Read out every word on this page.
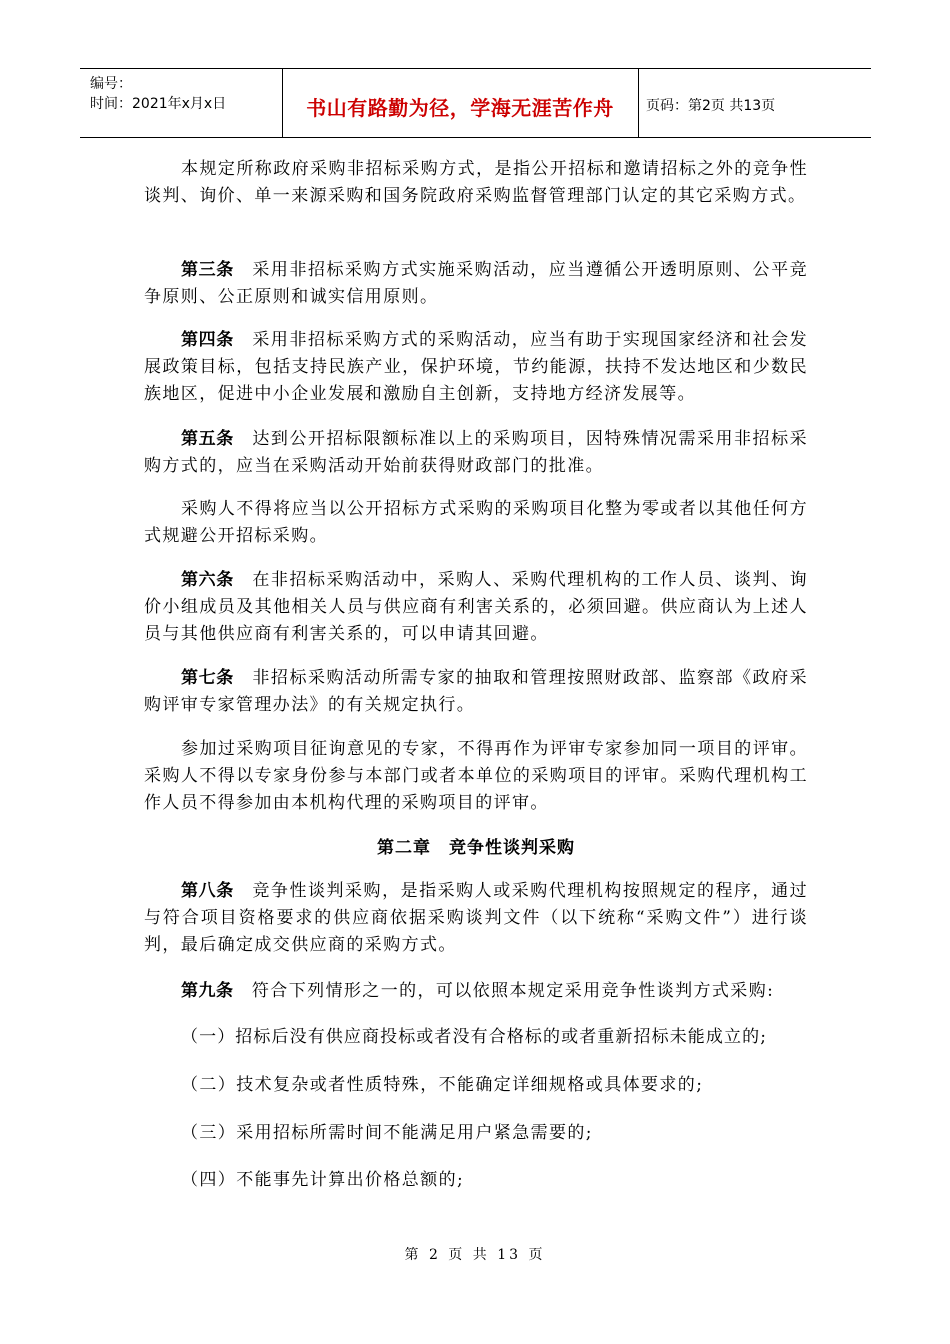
编号：
时间：2021年x月x日	书山有路勤为径，学海无涯苦作舟	页码：第2页 共13页

本规定所称政府采购非招标采购方式，是指公开招标和邀请招标之外的竞争性谈判、询价、单一来源采购和国务院政府采购监督管理部门认定的其它采购方式。

第三条　采用非招标采购方式实施采购活动，应当遵循公开透明原则、公平竞争原则、公正原则和诚实信用原则。

第四条　采用非招标采购方式的采购活动，应当有助于实现国家经济和社会发展政策目标，包括支持民族产业，保护环境，节约能源，扶持不发达地区和少数民族地区，促进中小企业发展和激励自主创新，支持地方经济发展等。

第五条　达到公开招标限额标准以上的采购项目，因特殊情况需采用非招标采购方式的，应当在采购活动开始前获得财政部门的批准。

采购人不得将应当以公开招标方式采购的采购项目化整为零或者以其他任何方式规避公开招标采购。

第六条　在非招标采购活动中，采购人、采购代理机构的工作人员、谈判、询价小组成员及其他相关人员与供应商有利害关系的，必须回避。供应商认为上述人员与其他供应商有利害关系的，可以申请其回避。

第七条　非招标采购活动所需专家的抽取和管理按照财政部、监察部《政府采购评审专家管理办法》的有关规定执行。

参加过采购项目征询意见的专家，不得再作为评审专家参加同一项目的评审。采购人不得以专家身份参与本部门或者本单位的采购项目的评审。采购代理机构工作人员不得参加由本机构代理的采购项目的评审。

第二章　竞争性谈判采购

第八条　竞争性谈判采购，是指采购人或采购代理机构按照规定的程序，通过与符合项目资格要求的供应商依据采购谈判文件（以下统称“采购文件”）进行谈判，最后确定成交供应商的采购方式。

第九条　符合下列情形之一的，可以依照本规定采用竞争性谈判方式采购:

（一）招标后没有供应商投标或者没有合格标的或者重新招标未能成立的;

（二）技术复杂或者性质特殊，不能确定详细规格或具体要求的;

（三）采用招标所需时间不能满足用户紧急需要的;

（四）不能事先计算出价格总额的;

第 2 页 共 13 页
